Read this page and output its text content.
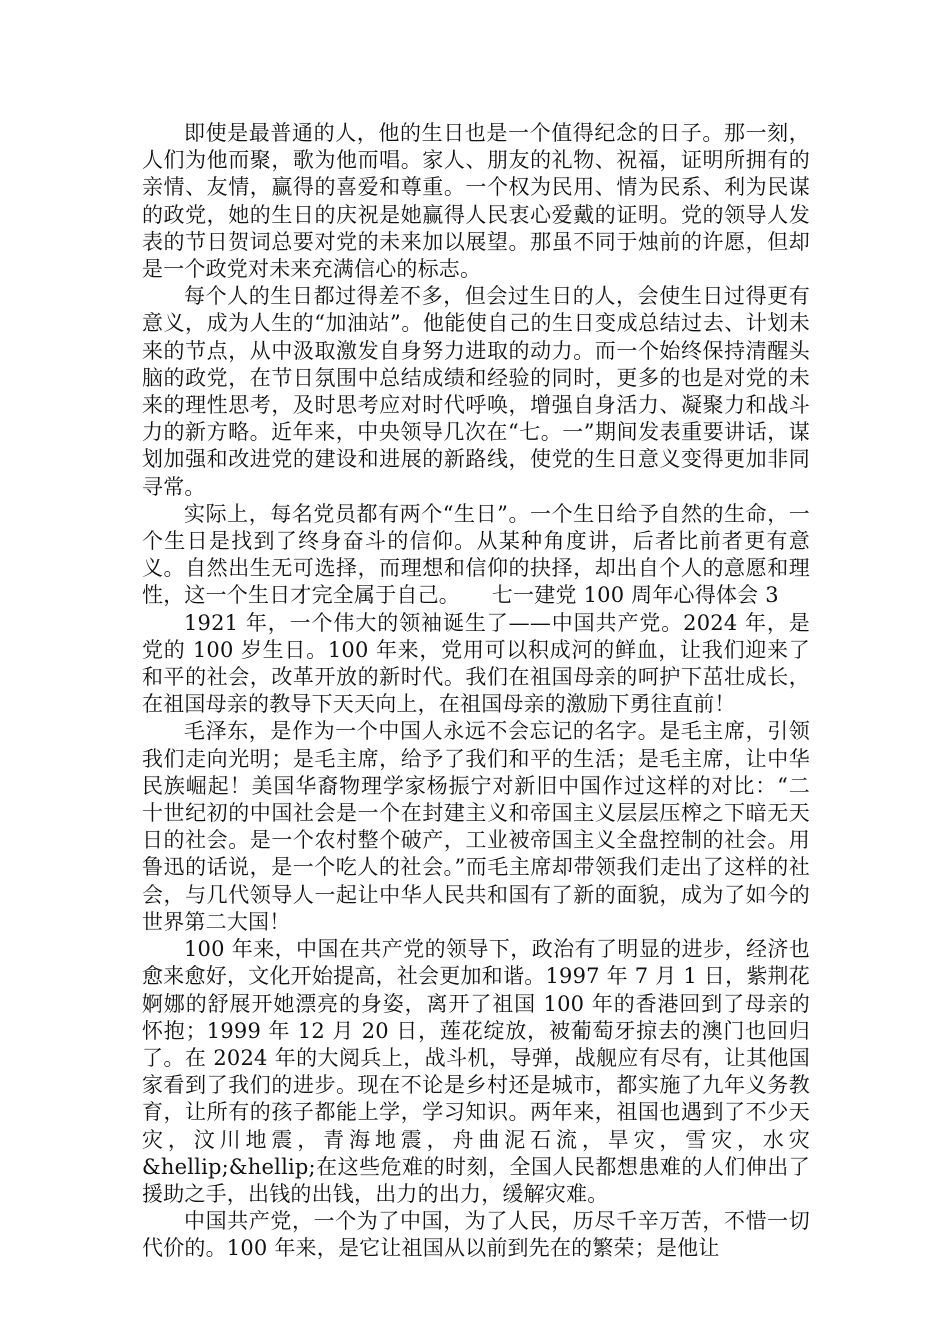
即使是最普通的人，他的生日也是一个值得纪念的日子。那一刻，人们为他而聚，歌为他而唱。家人、朋友的礼物、祝福，证明所拥有的亲情、友情，赢得的喜爱和尊重。一个权为民用、情为民系、利为民谋的政党，她的生日的庆祝是她赢得人民衷心爱戴的证明。党的领导人发表的节日贺词总要对党的未来加以展望。那虽不同于烛前的许愿，但却是一个政党对未来充满信心的标志。

每个人的生日都过得差不多，但会过生日的人，会使生日过得更有意义，成为人生的“加油站”。他能使自己的生日变成总结过去、计划未来的节点，从中汲取激发自身努力进取的动力。而一个始终保持清醒头脑的政党，在节日氛围中总结成绩和经验的同时，更多的也是对党的未来的理性思考，及时思考应对时代呼唤，增强自身活力、凝聚力和战斗力的新方略。近年来，中央领导几次在“七。一”期间发表重要讲话，谋划加强和改进党的建设和进展的新路线，使党的生日意义变得更加非同寻常。

实际上，每名党员都有两个“生日”。一个生日给予自然的生命，一个生日是找到了终身奋斗的信仰。从某种角度讲，后者比前者更有意义。自然出生无可选择，而理想和信仰的抉择，却出自个人的意愿和理性，这一个生日才完全属于自己。　　七一建党 100 周年心得体会 3

1921 年，一个伟大的领袖诞生了——中国共产党。2024 年，是党的 100 岁生日。100 年来，党用可以积成河的鲜血，让我们迎来了和平的社会，改革开放的新时代。我们在祖国母亲的呵护下茁壮成长，在祖国母亲的教导下天天向上，在祖国母亲的激励下勇往直前！

毛泽东，是作为一个中国人永远不会忘记的名字。是毛主席，引领我们走向光明；是毛主席，给予了我们和平的生活；是毛主席，让中华民族崛起！美国华裔物理学家杨振宁对新旧中国作过这样的对比：“二十世纪初的中国社会是一个在封建主义和帝国主义层层压榨之下暗无天日的社会。是一个农村整个破产，工业被帝国主义全盘控制的社会。用鲁迅的话说，是一个吃人的社会。”而毛主席却带领我们走出了这样的社会，与几代领导人一起让中华人民共和国有了新的面貌，成为了如今的世界第二大国！

100 年来，中国在共产党的领导下，政治有了明显的进步，经济也愈来愈好，文化开始提高，社会更加和谐。1997 年 7 月 1 日，紫荆花婀娜的舒展开她漂亮的身姿，离开了祖国 100 年的香港回到了母亲的怀抱；1999 年 12 月 20 日，莲花绽放，被葡萄牙掠去的澳门也回归了。在 2024 年的大阅兵上，战斗机，导弹，战舰应有尽有，让其他国家看到了我们的进步。现在不论是乡村还是城市，都实施了九年义务教育，让所有的孩子都能上学，学习知识。两年来，祖国也遇到了不少天灾，汶川地震，青海地震，舟曲泥石流，旱灾，雪灾，水灾&hellip;&hellip;在这些危难的时刻，全国人民都想患难的人们伸出了援助之手，出钱的出钱，出力的出力，缓解灾难。

中国共产党，一个为了中国，为了人民，历尽千辛万苦，不惜一切代价的。100 年来，是它让祖国从以前到先在的繁荣；是他让
